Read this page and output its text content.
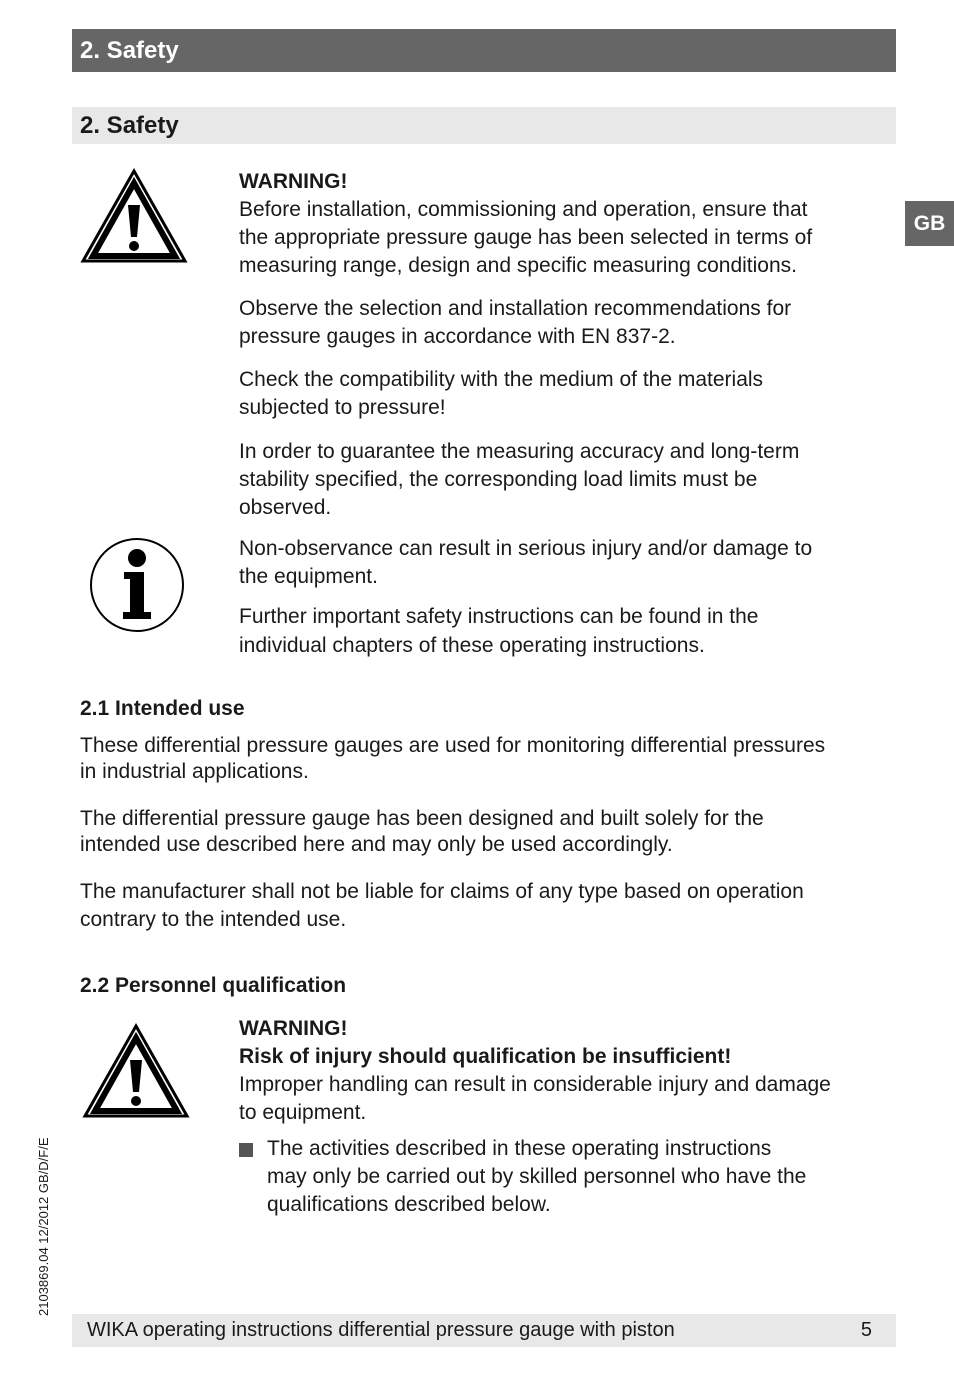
2. Safety
2. Safety
GB
WARNING!
Before installation, commissioning and operation, ensure that
the appropriate pressure gauge has been selected in terms of
measuring range, design and specific measuring conditions.
Observe the selection and installation recommendations for
pressure gauges in accordance with EN 837-2.
Check the compatibility with the medium of the materials
subjected to pressure!
In order to guarantee the measuring accuracy and long-term
stability specified, the corresponding load limits must be
observed.
Non-observance can result in serious injury and/or damage to
the equipment.
Further important safety instructions can be found in the
individual chapters of these operating instructions.
2.1 Intended use
These differential pressure gauges are used for monitoring differential pressures
in industrial applications.
The differential pressure gauge has been designed and built solely for the
intended use described here and may only be used accordingly.
The manufacturer shall not be liable for claims of any type based on operation
contrary to the intended use.
2.2 Personnel qualification
WARNING!
Risk of injury should qualification be insufficient!
Improper handling can result in considerable injury and damage
to equipment.
The activities described in these operating instructions
may only be carried out by skilled personnel who have the
qualifications described below.
2103869.04 12/2012 GB/D/F/E
WIKA operating instructions differential pressure gauge with piston	5
